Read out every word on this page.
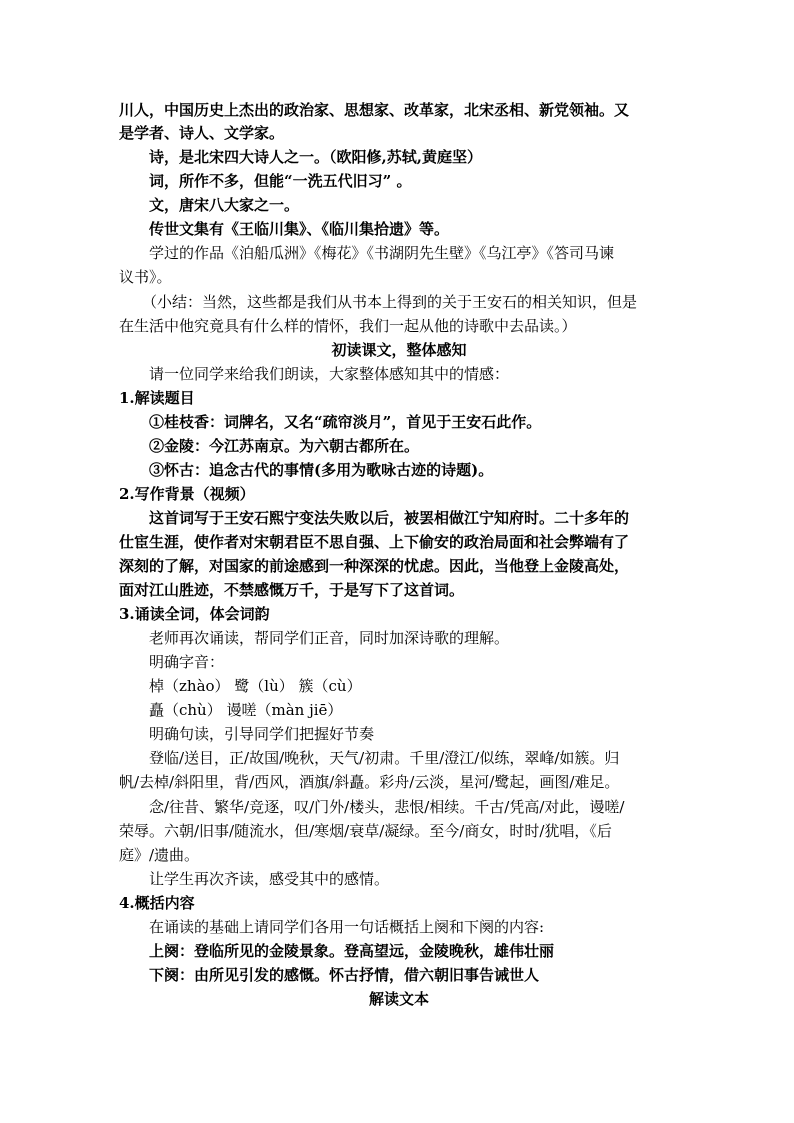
川人，中国历史上杰出的政治家、思想家、改革家，北宋丞相、新党领袖。又
是学者、诗人、文学家。
诗，是北宋四大诗人之一。（欧阳修,苏轼,黄庭坚）
词，所作不多，但能“一洗五代旧习” 。
文，唐宋八大家之一。
传世文集有《王临川集》、《临川集拾遗》等。
学过的作品《泊船瓜洲》《梅花》《书湖阴先生壁》《乌江亭》《答司马谏
议书》。
（小结：当然，这些都是我们从书本上得到的关于王安石的相关知识，但是
在生活中他究竟具有什么样的情怀，我们一起从他的诗歌中去品读。）
初读课文，整体感知
请一位同学来给我们朗读，大家整体感知其中的情感：
1.解读题目
①桂枝香：词牌名，又名“疏帘淡月”，首见于王安石此作。
②金陵：今江苏南京。为六朝古都所在。
③怀古：追念古代的事情(多用为歌咏古迹的诗题)。
2.写作背景（视频）
这首词写于王安石熙宁变法失败以后，被罢相做江宁知府时。二十多年的
仕宦生涯，使作者对宋朝君臣不思自强、上下偷安的政治局面和社会弊端有了
深刻的了解，对国家的前途感到一种深深的忧虑。因此，当他登上金陵高处，
面对江山胜迹，不禁感慨万千，于是写下了这首词。
3.诵读全词，体会词韵
老师再次诵读，帮同学们正音，同时加深诗歌的理解。
明确字音：
棹（zhào） 鹭（lù） 簇（cù）
矗（chù） 谩嗟（màn jiē）
明确句读，引导同学们把握好节奏
登临/送目，正/故国/晚秋，天气/初肃。千里/澄江/似练，翠峰/如簇。归
帆/去棹/斜阳里，背/西风，酒旗/斜矗。彩舟/云淡，星河/鹭起，画图/难足。
念/往昔、繁华/竞逐，叹/门外/楼头，悲恨/相续。千古/凭高/对此，谩嗟/
荣辱。六朝/旧事/随流水，但/寒烟/衰草/凝绿。至今/商女，时时/犹唱，《后
庭》/遗曲。
让学生再次齐读，感受其中的感情。
4.概括内容
在诵读的基础上请同学们各用一句话概括上阕和下阕的内容:
上阕：登临所见的金陵景象。登高望远，金陵晚秋，雄伟壮丽
下阕：由所见引发的感慨。怀古抒情，借六朝旧事告诫世人
解读文本
